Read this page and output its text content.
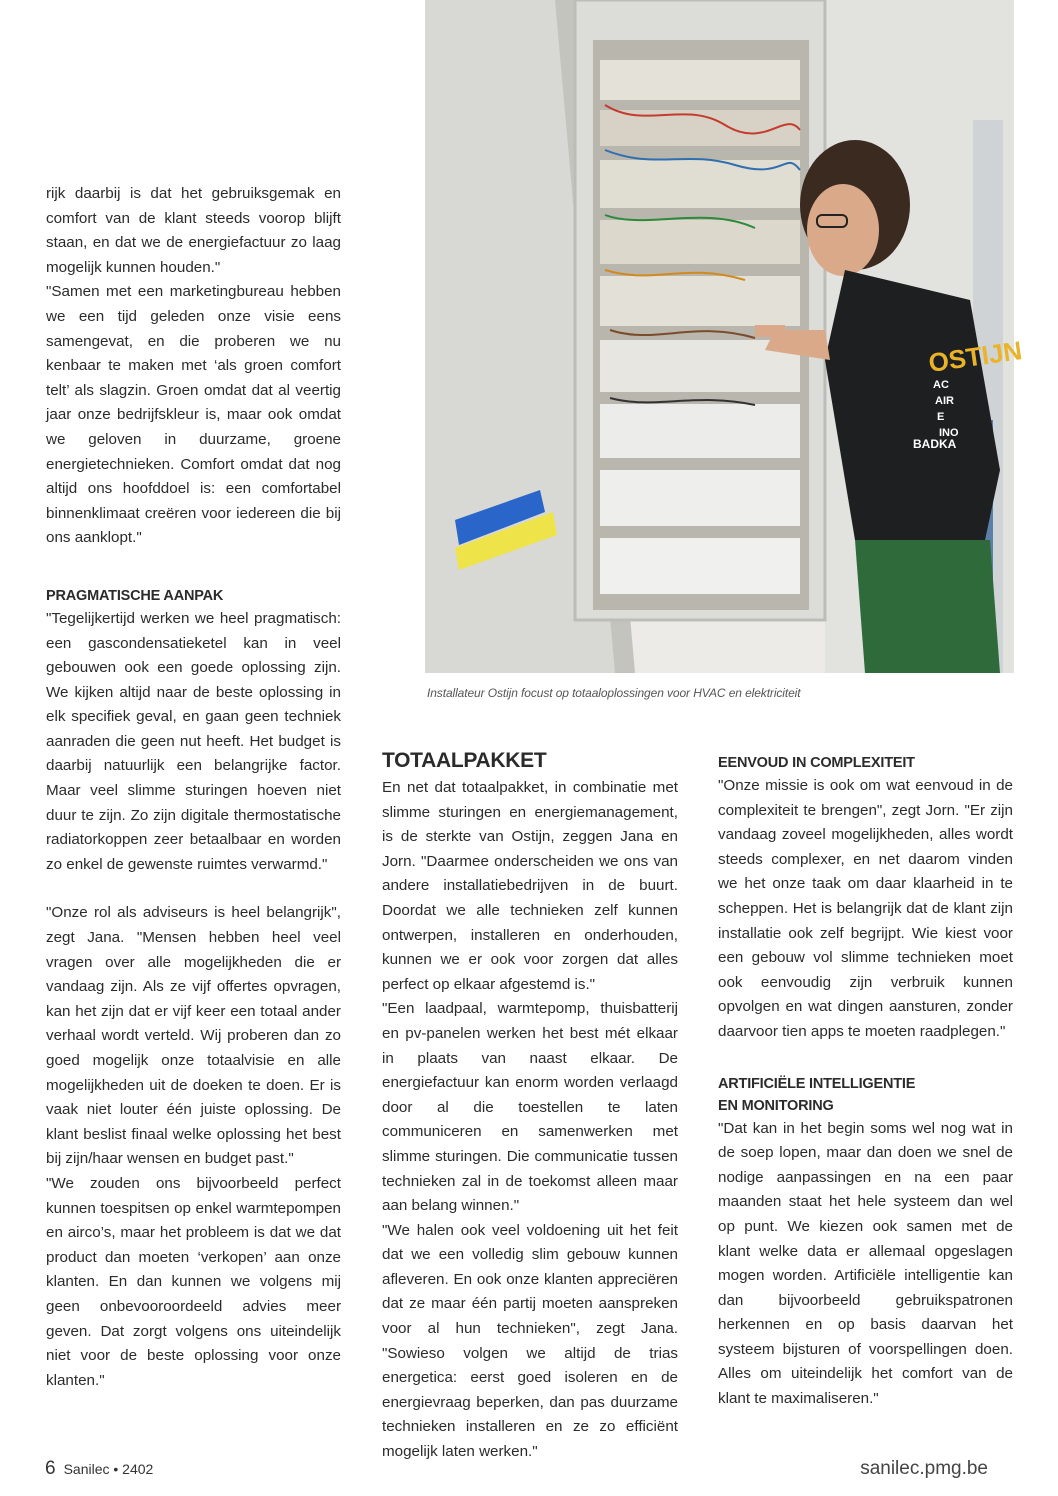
rijk daarbij is dat het gebruiksgemak en comfort van de klant steeds voorop blijft staan, en dat we de energiefactuur zo laag mogelijk kunnen houden."

"Samen met een marketingbureau hebben we een tijd geleden onze visie eens samengevat, en die proberen we nu kenbaar te maken met ‘als groen comfort telt’ als slagzin. Groen omdat dat al veertig jaar onze bedrijfskleur is, maar ook omdat we geloven in duurzame, groene energietechnieken. Comfort omdat dat nog altijd ons hoofddoel is: een comfortabel binnenklimaat creëren voor iedereen die bij ons aanklopt."

PRAGMATISCHE AANPAK

"Tegelijkertijd werken we heel pragmatisch: een gascondensatieketel kan in veel gebouwen ook een goede oplossing zijn. We kijken altijd naar de beste oplossing in elk specifiek geval, en gaan geen techniek aanraden die geen nut heeft. Het budget is daarbij natuurlijk een belangrijke factor. Maar veel slimme sturingen hoeven niet duur te zijn. Zo zijn digitale thermostatische radiatorkoppen zeer betaalbaar en worden zo enkel de gewenste ruimtes verwarmd."

"Onze rol als adviseurs is heel belangrijk", zegt Jana. "Mensen hebben heel veel vragen over alle mogelijkheden die er vandaag zijn. Als ze vijf offertes opvragen, kan het zijn dat er vijf keer een totaal ander verhaal wordt verteld. Wij proberen dan zo goed mogelijk onze totaalvisie en alle mogelijkheden uit de doeken te doen. Er is vaak niet louter één juiste oplossing. De klant beslist finaal welke oplossing het best bij zijn/haar wensen en budget past."

"We zouden ons bijvoorbeeld perfect kunnen toespitsen op enkel warmtepompen en airco’s, maar het probleem is dat we dat product dan moeten ‘verkopen’ aan onze klanten. En dan kunnen we volgens mij geen onbevooroordeeld advies meer geven. Dat zorgt volgens ons uiteindelijk niet voor de beste oplossing voor onze klanten."

OSTIJN
BADKA
AC
AIR
E
INO
Installateur Ostijn focust op totaaloplossingen voor HVAC en elektriciteit
TOTAALPAKKET

En net dat totaalpakket, in combinatie met slimme sturingen en energiemanagement, is de sterkte van Ostijn, zeggen Jana en Jorn. "Daarmee onderscheiden we ons van andere installatiebedrijven in de buurt. Doordat we alle technieken zelf kunnen ontwerpen, installeren en onderhouden, kunnen we er ook voor zorgen dat alles perfect op elkaar afgestemd is."

"Een laadpaal, warmtepomp, thuisbatterij en pv-panelen werken het best mét elkaar in plaats van naast elkaar. De energiefactuur kan enorm worden verlaagd door al die toestellen te laten communiceren en samenwerken met slimme sturingen. Die communicatie tussen technieken zal in de toekomst alleen maar aan belang winnen."

"We halen ook veel voldoening uit het feit dat we een volledig slim gebouw kunnen afleveren. En ook onze klanten appreciëren dat ze maar één partij moeten aanspreken voor al hun technieken", zegt Jana. "Sowieso volgen we altijd de trias energetica: eerst goed isoleren en de energievraag beperken, dan pas duurzame technieken installeren en ze zo efficiënt mogelijk laten werken."

EENVOUD IN COMPLEXITEIT

"Onze missie is ook om wat eenvoud in de complexiteit te brengen", zegt Jorn. "Er zijn vandaag zoveel mogelijkheden, alles wordt steeds complexer, en net daarom vinden we het onze taak om daar klaarheid in te scheppen. Het is belangrijk dat de klant zijn installatie ook zelf begrijpt. Wie kiest voor een gebouw vol slimme technieken moet ook eenvoudig zijn verbruik kunnen opvolgen en wat dingen aansturen, zonder daarvoor tien apps te moeten raadplegen."

ARTIFICIËLE INTELLIGENTIE
EN MONITORING

"Dat kan in het begin soms wel nog wat in de soep lopen, maar dan doen we snel de nodige aanpassingen en na een paar maanden staat het hele systeem dan wel op punt. We kiezen ook samen met de klant welke data er allemaal opgeslagen mogen worden. Artificiële intelligentie kan dan bijvoorbeeld gebruikspatronen herkennen en op basis daarvan het systeem bijsturen of voorspellingen doen. Alles om uiteindelijk het comfort van de klant te maximaliseren."

6 Sanilec • 2402	sanilec.pmg.be
